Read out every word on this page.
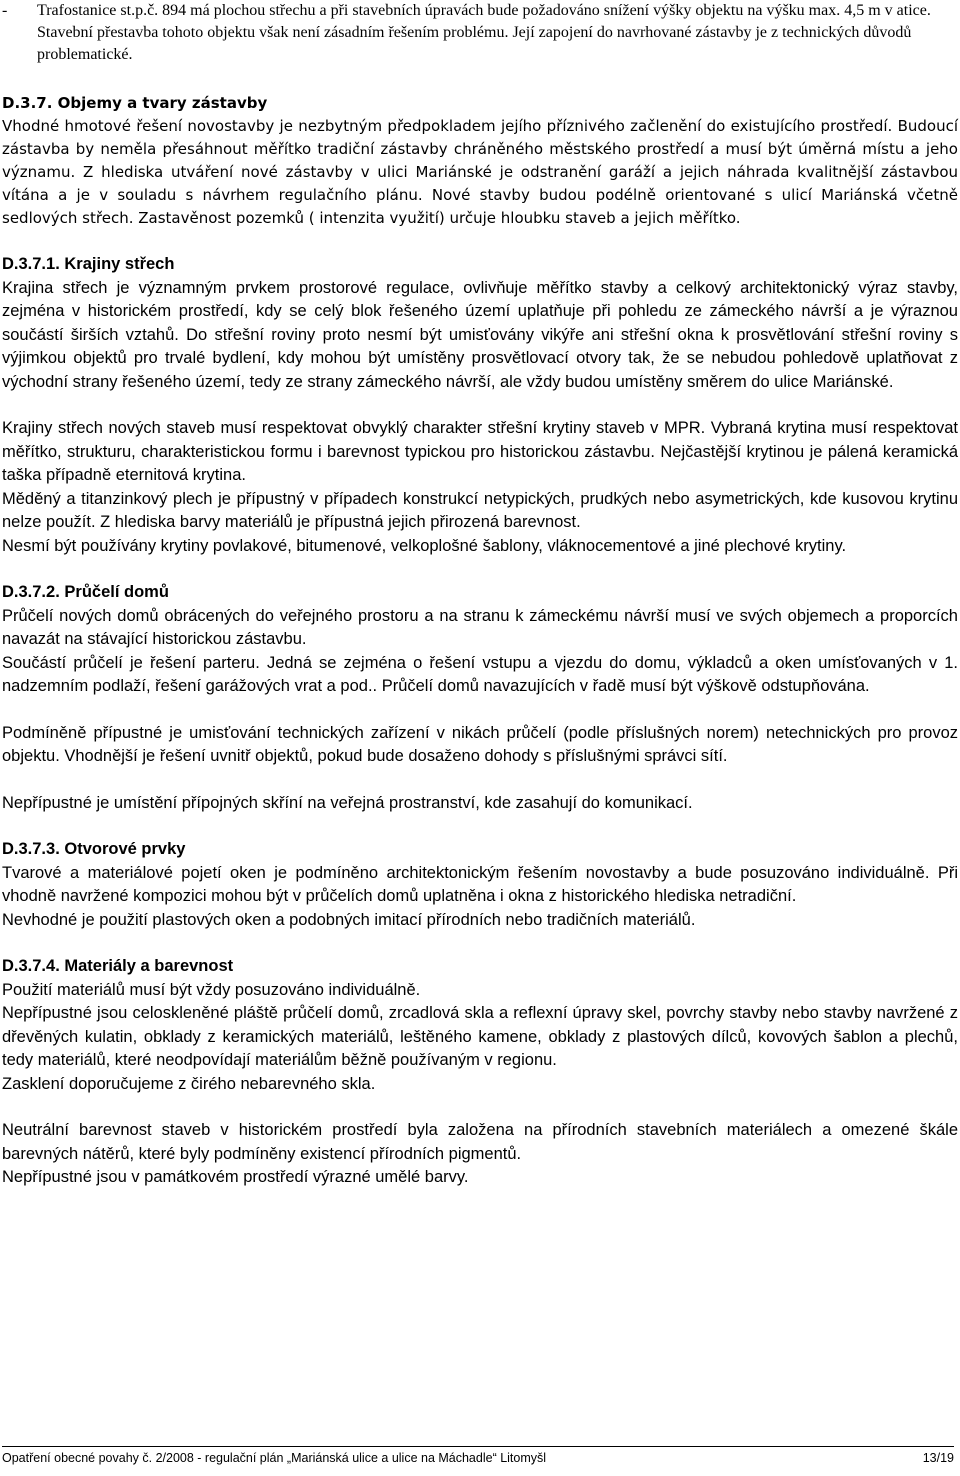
-	Trafostanice st.p.č. 894 má plochou střechu a při stavebních úpravách bude požadováno snížení výšky objektu na výšku max. 4,5 m v atice.
Stavební přestavba tohoto objektu však není zásadním řešením problému. Její zapojení do navrhované zástavby je z technických důvodů problematické.
D.3.7. Objemy a tvary zástavby

Vhodné hmotové řešení novostavby je nezbytným předpokladem jejího příznivého začlenění do existujícího prostředí. Budoucí zástavba by neměla přesáhnout měřítko tradiční zástavby chráněného městského prostředí a musí být úměrná místu a jeho významu. Z hlediska utváření nové zástavby v ulici Mariánské je odstranění garáží a jejich náhrada kvalitnější zástavbou vítána a je v souladu s návrhem regulačního plánu. Nové stavby budou podélně orientované s ulicí Mariánská včetně sedlových střech. Zastavěnost pozemků ( intenzita využití) určuje hloubku staveb a jejich měřítko.

D.3.7.1. Krajiny střech

Krajina střech je významným prvkem prostorové regulace, ovlivňuje měřítko stavby a celkový architektonický výraz stavby, zejména v historickém prostředí, kdy se celý blok řešeného území uplatňuje při pohledu ze zámeckého návrší a je výraznou součástí širších vztahů. Do střešní roviny proto nesmí být umisťovány vikýře ani střešní okna k prosvětlování střešní roviny s výjimkou objektů pro trvalé bydlení, kdy mohou být umístěny prosvětlovací otvory tak, že se nebudou pohledově uplatňovat z východní strany řešeného území, tedy ze strany zámeckého návrší, ale vždy budou umístěny směrem do ulice Mariánské.

Krajiny střech nových staveb musí respektovat obvyklý charakter střešní krytiny staveb v MPR. Vybraná krytina musí respektovat měřítko, strukturu, charakteristickou formu i barevnost typickou pro historickou zástavbu. Nejčastější krytinou je pálená keramická taška případně eternitová krytina.

Měděný a titanzinkový plech je přípustný v případech konstrukcí netypických, prudkých nebo asymetrických, kde kusovou krytinu nelze použít. Z hlediska barvy materiálů je přípustná jejich přirozená barevnost.

Nesmí být používány krytiny povlakové, bitumenové, velkoplošné šablony, vláknocementové a jiné plechové krytiny.

D.3.7.2. Průčelí domů

Průčelí nových domů obrácených do veřejného prostoru a na stranu k zámeckému návrší musí ve svých objemech a proporcích navazát na stávající historickou zástavbu.

Součástí průčelí je řešení parteru. Jedná se zejména o řešení vstupu a vjezdu do domu, výkladců a oken umísťovaných v 1. nadzemním podlaží, řešení garážových vrat a pod.. Průčelí domů navazujících v řadě musí být výškově odstupňována.

Podmíněně přípustné je umisťování technických zařízení v nikách průčelí (podle příslušných norem) netechnických pro provoz objektu. Vhodnější je řešení uvnitř objektů, pokud bude dosaženo dohody s příslušnými správci sítí.

Nepřípustné je umístění přípojných skříní na veřejná prostranství, kde zasahují do komunikací.

D.3.7.3. Otvorové prvky

Tvarové a materiálové pojetí oken je podmíněno architektonickým řešením novostavby a bude posuzováno individuálně. Při vhodně navržené kompozici mohou být v průčelích domů uplatněna i okna z historického hlediska netradiční.

Nevhodné je použití plastových oken a podobných imitací přírodních nebo tradičních materiálů.

D.3.7.4. Materiály a barevnost

Použití materiálů musí být vždy posuzováno individuálně.

Nepřípustné jsou celoskleněné pláště průčelí domů, zrcadlová skla a reflexní úpravy skel, povrchy stavby nebo stavby navržené z dřevěných kulatin, obklady z keramických materiálů, leštěného kamene, obklady z plastových dílců, kovových šablon a plechů, tedy materiálů, které neodpovídají materiálům běžně používaným v regionu.

Zasklení doporučujeme z čirého nebarevného skla.

Neutrální barevnost staveb v historickém prostředí byla založena na přírodních stavebních materiálech a omezené škále barevných nátěrů, které byly podmíněny existencí přírodních pigmentů.

Nepřípustné jsou v památkovém prostředí výrazné umělé barvy.

Opatření obecné povahy č. 2/2008 - regulační plán „Mariánská ulice a ulice na Máchadle“ Litomyšl	13/19
